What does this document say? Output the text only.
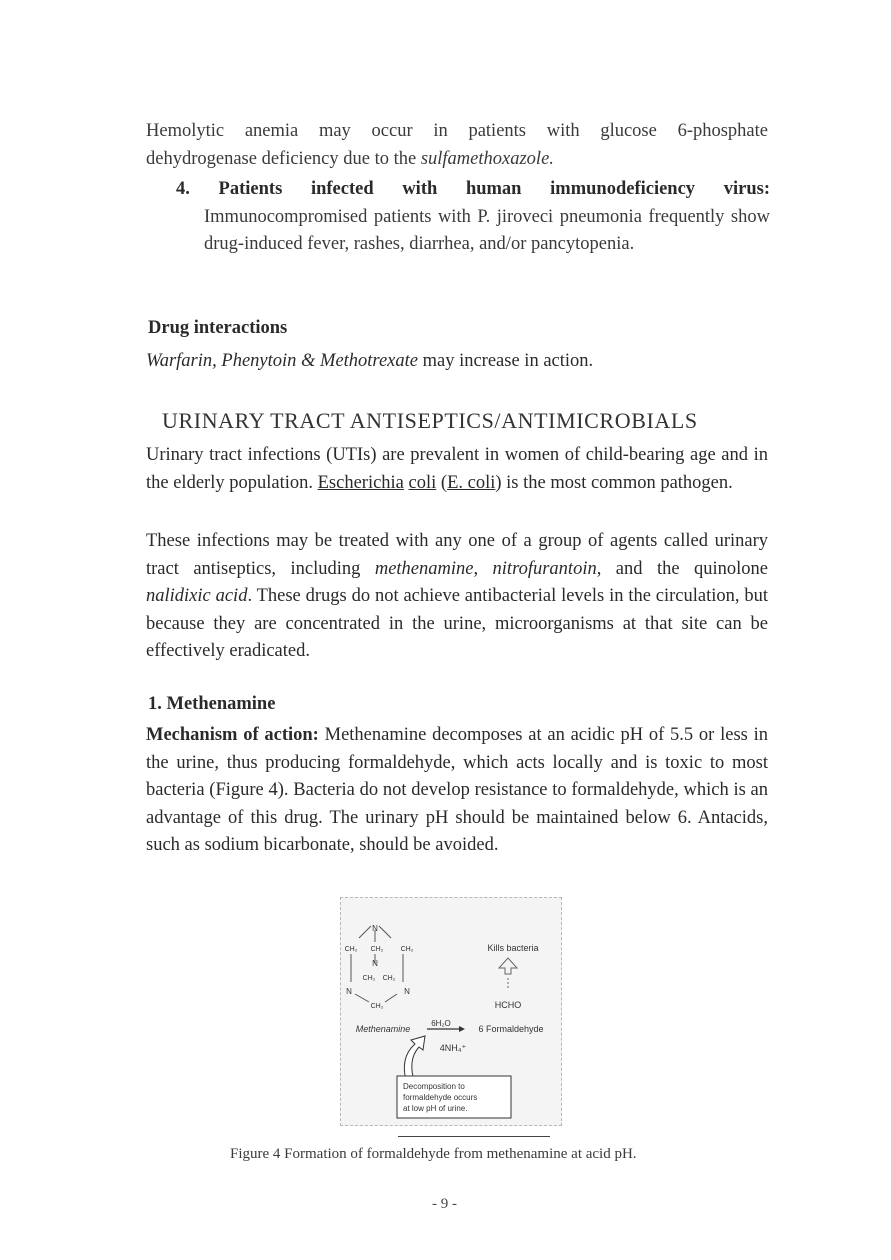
Hemolytic anemia may occur in patients with glucose 6-phosphate
dehydrogenase deficiency due to the sulfamethoxazole.
4. Patients infected with human immunodeficiency virus:
Immunocompromised patients with P. jiroveci pneumonia frequently show drug-induced fever, rashes, diarrhea, and/or pancytopenia.
Drug interactions
Warfarin, Phenytoin & Methotrexate may increase in action.
URINARY TRACT ANTISEPTICS/ANTIMICROBIALS
Urinary tract infections (UTIs) are prevalent in women of child-bearing age and in the elderly population. Escherichia coli (E. coli) is the most common pathogen.
These infections may be treated with any one of a group of agents called urinary tract antiseptics, including methenamine, nitrofurantoin, and the quinolone nalidixic acid. These drugs do not achieve antibacterial levels in the circulation, but because they are concentrated in the urine, microorganisms at that site can be effectively eradicated.
1. Methenamine
Mechanism of action: Methenamine decomposes at an acidic pH of 5.5 or less in the urine, thus producing formaldehyde, which acts locally and is toxic to most bacteria (Figure 4). Bacteria do not develop resistance to formaldehyde, which is an advantage of this drug. The urinary pH should be maintained below 6. Antacids, such as sodium bicarbonate, should be avoided.
N
CH₂ CH₂ CH₂
N
CH₂ CH₂
N	N
CH₂
Kills bacteria
HCHO
Methenamine
6H₂O
6 Formaldehyde
4NH₄⁺
Decomposition to
formaldehyde occurs
at low pH of urine.
Figure 4 Formation of formaldehyde from methenamine at acid pH.
- 9 -
